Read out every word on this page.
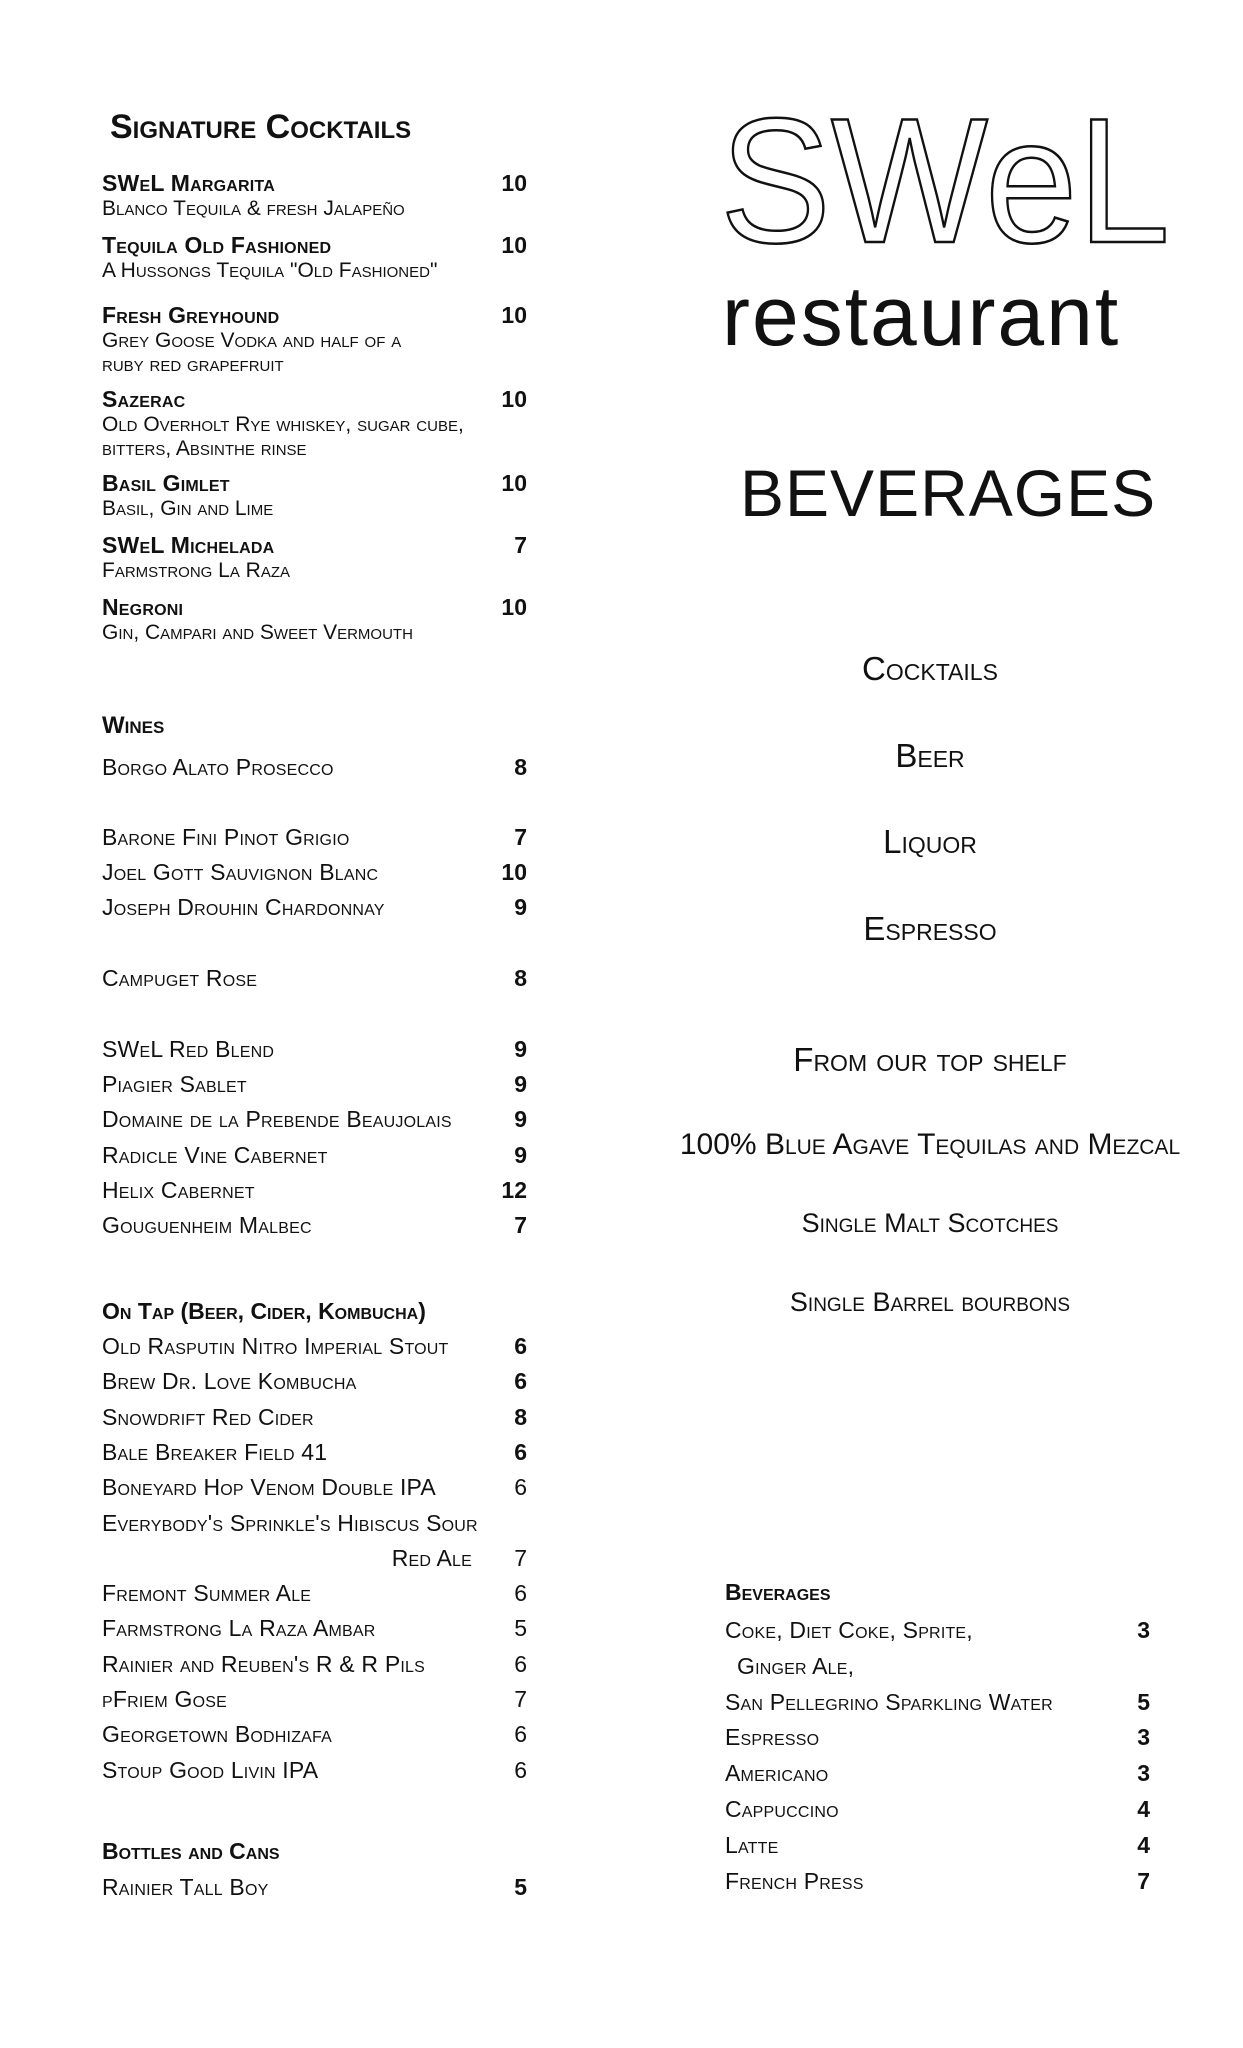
Signature Cocktails
SWeL Margarita
Blanco Tequila & fresh Jalapeño
10
Tequila Old Fashioned
A Hussongs Tequila "Old Fashioned"
10
Fresh Greyhound
Grey Goose Vodka and half of a
ruby red grapefruit
10
Sazerac
Old Overholt Rye whiskey, sugar cube,
bitters, Absinthe rinse
10
Basil Gimlet
Basil, Gin and Lime
10
SWeL Michelada
Farmstrong La Raza
7
Negroni
Gin, Campari and Sweet Vermouth
10
Wines
Borgo Alato Prosecco	8
Barone Fini Pinot Grigio	7
Joel Gott Sauvignon Blanc	10
Joseph Drouhin Chardonnay	9
Campuget Rose	8
SWeL Red Blend	9
Piagier Sablet	9
Domaine de la Prebende Beaujolais	9
Radicle Vine Cabernet	9
Helix Cabernet	12
Gouguenheim Malbec	7
On Tap (Beer, Cider, Kombucha)
Old Rasputin Nitro Imperial Stout	6
Brew Dr. Love Kombucha	6
Snowdrift Red Cider	8
Bale Breaker Field 41	6
Boneyard Hop Venom Double IPA	6
Everybody's Sprinkle's Hibiscus Sour
Red Ale 7
Fremont Summer Ale	6
Farmstrong La Raza Ambar	5
Rainier and Reuben's R & R Pils	6
pFriem Gose	7
Georgetown Bodhizafa	6
Stoup Good Livin IPA	6
Bottles and Cans
Rainier Tall Boy	5
SWeL
restaurant
BEVERAGES
Cocktails
Beer
Liquor
Espresso
From our top shelf
100% Blue Agave Tequilas and Mezcal
Single Malt Scotches
Single Barrel bourbons
Beverages
Coke, Diet Coke, Sprite,	3
Ginger Ale,
San Pellegrino Sparkling Water	5
Espresso	3
Americano	3
Cappuccino	4
Latte	4
French Press	7
